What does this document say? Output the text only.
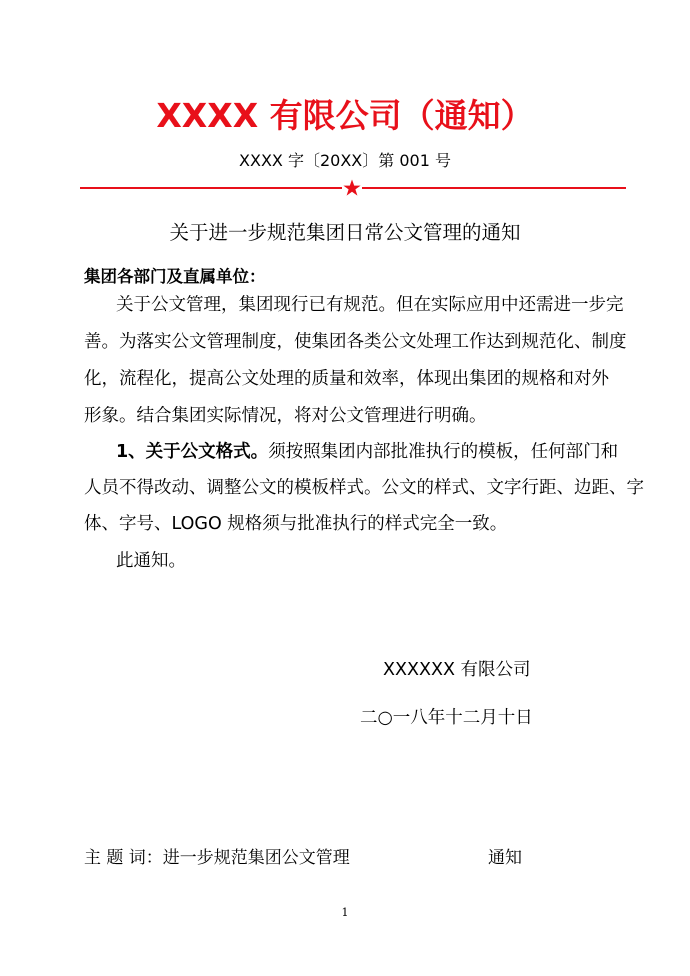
XXXX 有限公司（通知）
XXXX 字〔20XX〕第 001 号
关于进一步规范集团日常公文管理的通知
集团各部门及直属单位：
关于公文管理，集团现行已有规范。但在实际应用中还需进一步完
善。为落实公文管理制度，使集团各类公文处理工作达到规范化、制度
化，流程化，提高公文处理的质量和效率，体现出集团的规格和对外
形象。结合集团实际情况，将对公文管理进行明确。
1、关于公文格式。须按照集团内部批准执行的模板，任何部门和
人员不得改动、调整公文的模板样式。公文的样式、文字行距、边距、字
体、字号、LOGO 规格须与批准执行的样式完全一致。
此通知。
XXXXXX 有限公司
二○一八年十二月十日
主 题 词：进一步规范集团公文管理	通知
1
